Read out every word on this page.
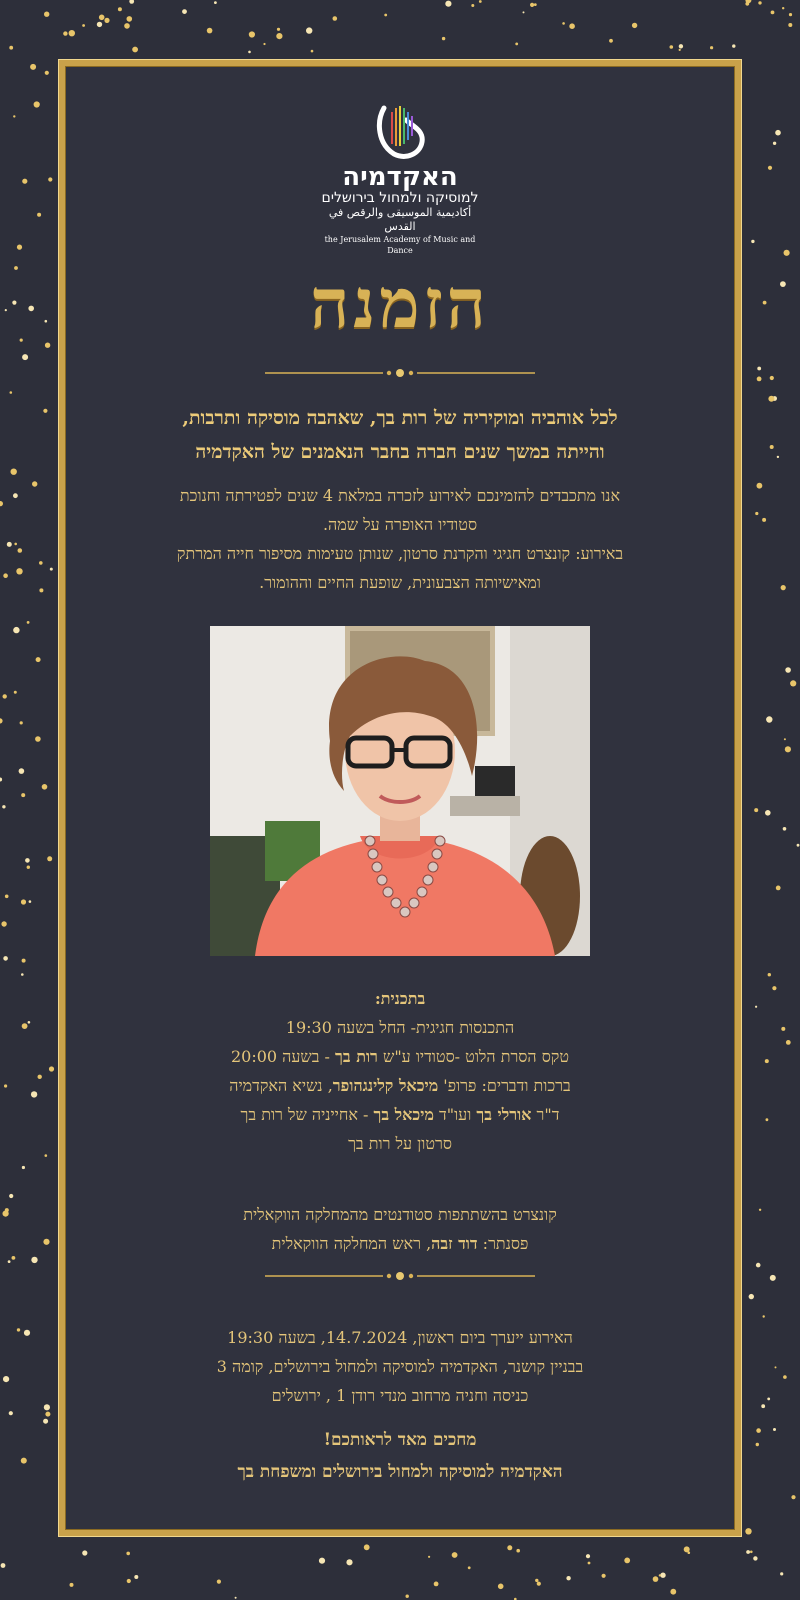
האקדמיה
למוסיקה ולמחול בירושלים
أكاديمية الموسيقى والرقص في القدس
the Jerusalem Academy of Music and Dance
הזמנה
לכל אוהביה ומוקיריה של רות בך, שאהבה מוסיקה ותרבות,
והייתה במשך שנים חברה בחבר הנאמנים של האקדמיה
אנו מתכבדים להזמינכם לאירוע לזכרה במלאת 4 שנים לפטירתה וחנוכת
סטודיו האופרה על שמה.
באירוע: קונצרט חגיגי והקרנת סרטון, שנותן טעימות מסיפור חייה המרתק
ומאישיותה הצבעונית, שופעת החיים וההומור.
בתכנית:
התכנסות חגיגית- החל בשעה 19:30
טקס הסרת הלוט -סטודיו ע"ש רות בך - בשעה 20:00
ברכות ודברים: פרופ' מיכאל קלינגהופר, נשיא האקדמיה
ד"ר אורלי בך ועו"ד מיכאל בך - אחייניה של רות בך
סרטון על רות בך
קונצרט בהשתתפות סטודנטים מהמחלקה הווקאלית
פסנתר: דוד זבה, ראש המחלקה הווקאלית
האירוע ייערך ביום ראשון, 14.7.2024, בשעה 19:30
בבניין קושנר, האקדמיה למוסיקה ולמחול בירושלים, קומה 3
כניסה וחניה מרחוב מנדי רודן 1 , ירושלים
מחכים מאד לראותכם!
האקדמיה למוסיקה ולמחול בירושלים ומשפחת בך
